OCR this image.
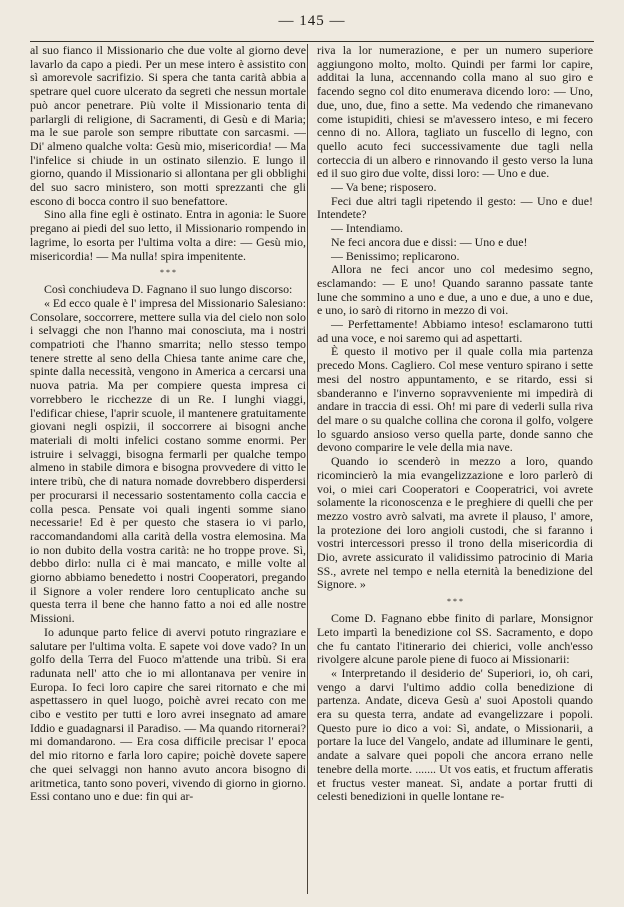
— 145 —

al suo fianco il Missionario che due volte al giorno deve lavarlo da capo a piedi. Per un mese intero è assistito con sì amorevole sacrifizio. Si spera che tanta carità abbia a spetrare quel cuore ulcerato da segreti che nessun mortale può ancor penetrare. Più volte il Missionario tenta di parlargli di religione, di Sacramenti, di Gesù e di Maria; ma le sue parole son sempre ributtate con sarcasmi. — Di' almeno qualche volta: Gesù mio, misericordia! — Ma l'infelice si chiude in un ostinato silenzio. E lungo il giorno, quando il Missionario si allontana per gli obblighi del suo sacro ministero, son motti sprezzanti che gli escono di bocca contro il suo benefattore.

Sino alla fine egli è ostinato. Entra in agonia: le Suore pregano ai piedi del suo letto, il Missionario rompendo in lagrime, lo esorta per l'ultima volta a dire: — Gesù mio, misericordia! — Ma nulla! spira impenitente.

* * *

Così conchiudeva D. Fagnano il suo lungo discorso:

« Ed ecco quale è l' impresa del Missionario Salesiano: Consolare, soccorrere, mettere sulla via del cielo non solo i selvaggi che non l'hanno mai conosciuta, ma i nostri compatrioti che l'hanno smarrita; nello stesso tempo tenere strette al seno della Chiesa tante anime care che, spinte dalla necessità, vengono in America a cercarsi una nuova patria. Ma per compiere questa impresa ci vorrebbero le ricchezze di un Re. I lunghi viaggi, l'edificar chiese, l'aprir scuole, il mantenere gratuitamente giovani negli ospizii, il soccorrere ai bisogni anche materiali di molti infelici costano somme enormi. Per istruire i selvaggi, bisogna fermarli per qualche tempo almeno in stabile dimora e bisogna provvedere di vitto le intere tribù, che di natura nomade dovrebbero disperdersi per procurarsi il necessario sostentamento colla caccia e colla pesca. Pensate voi quali ingenti somme siano necessarie! Ed è per questo che stasera io vi parlo, raccomandandomi alla carità della vostra elemosina. Ma io non dubito della vostra carità: ne ho troppe prove. Sì, debbo dirlo: nulla ci è mai mancato, e mille volte al giorno abbiamo benedetto i nostri Cooperatori, pregando il Signore a voler rendere loro centuplicato anche su questa terra il bene che hanno fatto a noi ed alle nostre Missioni.

Io adunque parto felice di avervi potuto ringraziare e salutare per l'ultima volta. E sapete voi dove vado? In un golfo della Terra del Fuoco m'attende una tribù. Si era radunata nell' atto che io mi allontanava per venire in Europa. Io feci loro capire che sarei ritornato e che mi aspettassero in quel luogo, poichè avrei recato con me cibo e vestito per tutti e loro avrei insegnato ad amare Iddio e guadagnarsi il Paradiso. — Ma quando ritornerai? mi domandarono. — Era cosa difficile precisar l' epoca del mio ritorno e farla loro capire; poichè dovete sapere che quei selvaggi non hanno avuto ancora bisogno di aritmetica, tanto sono poveri, vivendo di giorno in giorno. Essi contano uno e due: fin qui ar-

riva la lor numerazione, e per un numero superiore aggiungono molto, molto. Quindi per farmi lor capire, additai la luna, accennando colla mano al suo giro e facendo segno col dito enumerava dicendo loro: — Uno, due, uno, due, fino a sette. Ma vedendo che rimanevano come istupiditi, chiesi se m'avessero inteso, e mi fecero cenno di no. Allora, tagliato un fuscello di legno, con quello acuto feci successivamente due tagli nella corteccia di un albero e rinnovando il gesto verso la luna ed il suo giro due volte, dissi loro: — Uno e due.

— Va bene; risposero.

Feci due altri tagli ripetendo il gesto: — Uno e due! Intendete?

— Intendiamo.

Ne feci ancora due e dissi: — Uno e due!

— Benissimo; replicarono.

Allora ne feci ancor uno col medesimo segno, esclamando: — E uno! Quando saranno passate tante lune che sommino a uno e due, a uno e due, a uno e due, e uno, io sarò di ritorno in mezzo di voi.

— Perfettamente! Abbiamo inteso! esclamarono tutti ad una voce, e noi saremo qui ad aspettarti.

È questo il motivo per il quale colla mia partenza precedo Mons. Cagliero. Col mese venturo spirano i sette mesi del nostro appuntamento, e se ritardo, essi si sbanderanno e l'inverno sopravveniente mi impedirà di andare in traccia di essi. Oh! mi pare di vederli sulla riva del mare o su qualche collina che corona il golfo, volgere lo sguardo ansioso verso quella parte, donde sanno che devono comparire le vele della mia nave.

Quando io scenderò in mezzo a loro, quando ricomincierò la mia evangelizzazione e loro parlerò di voi, o miei cari Cooperatori e Cooperatrici, voi avrete solamente la riconoscenza e le preghiere di quelli che per mezzo vostro avrò salvati, ma avrete il plauso, l' amore, la protezione dei loro angioli custodi, che si faranno i vostri intercessori presso il trono della misericordia di Dio, avrete assicurato il validissimo patrocinio di Maria SS., avrete nel tempo e nella eternità la benedizione del Signore. »

* * *

Come D. Fagnano ebbe finito di parlare, Monsignor Leto impartì la benedizione col SS. Sacramento, e dopo che fu cantato l'itinerario dei chierici, volle anch'esso rivolgere alcune parole piene di fuoco ai Missionarii:

« Interpretando il desiderio de' Superiori, io, oh cari, vengo a darvi l'ultimo addio colla benedizione di partenza. Andate, diceva Gesù a' suoi Apostoli quando era su questa terra, andate ad evangelizzare i popoli. Questo pure io dico a voi: Sì, andate, o Missionarii, a portare la luce del Vangelo, andate ad illuminare le genti, andate a salvare quei popoli che ancora errano nelle tenebre della morte. ....... Ut vos eatis, et fructum afferatis et fructus vester maneat. Sì, andate a portar frutti di celesti benedizioni in quelle lontane re-
